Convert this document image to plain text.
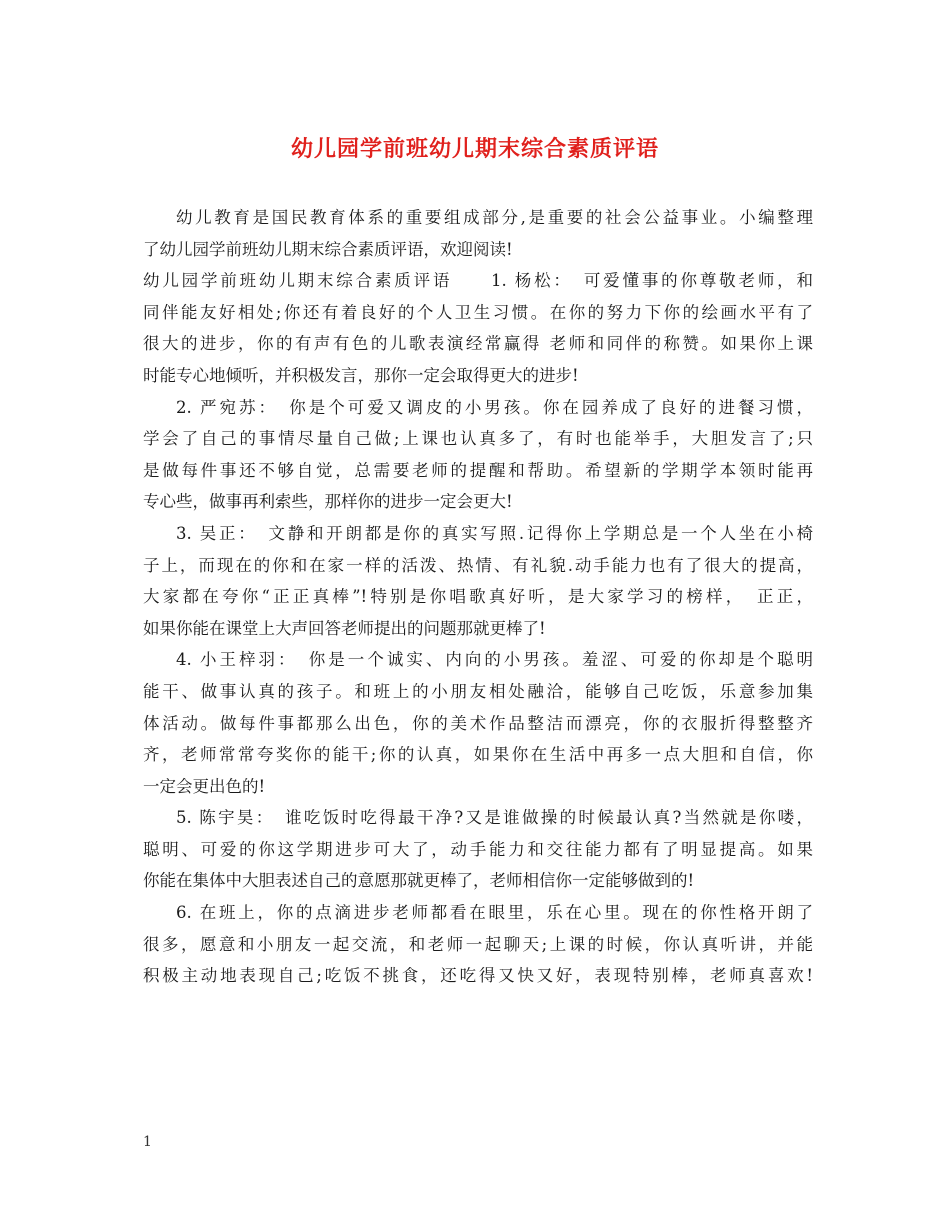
幼儿园学前班幼儿期末综合素质评语
幼儿教育是国民教育体系的重要组成部分,是重要的社会公益事业。小编整理
了幼儿园学前班幼儿期末综合素质评语，欢迎阅读!
幼儿园学前班幼儿期末综合素质评语　　1. 杨松：　可爱懂事的你尊敬老师，和
同伴能友好相处;你还有着良好的个人卫生习惯。在你的努力下你的绘画水平有了
很大的进步，你的有声有色的儿歌表演经常赢得 老师和同伴的称赞。如果你上课
时能专心地倾听，并积极发言，那你一定会取得更大的进步!
2. 严宛苏：　你是个可爱又调皮的小男孩。你在园养成了良好的进餐习惯，
学会了自己的事情尽量自己做;上课也认真多了，有时也能举手，大胆发言了;只
是做每件事还不够自觉，总需要老师的提醒和帮助。希望新的学期学本领时能再
专心些，做事再利索些，那样你的进步一定会更大!
3. 吴正：　文静和开朗都是你的真实写照.记得你上学期总是一个人坐在小椅
子上，而现在的你和在家一样的活泼、热情、有礼貌.动手能力也有了很大的提高，
大家都在夸你“正正真棒”!特别是你唱歌真好听，是大家学习的榜样，　正正，
如果你能在课堂上大声回答老师提出的问题那就更棒了!
4. 小王梓羽：　你是一个诚实、内向的小男孩。羞涩、可爱的你却是个聪明
能干、做事认真的孩子。和班上的小朋友相处融洽，能够自己吃饭，乐意参加集
体活动。做每件事都那么出色，你的美术作品整洁而漂亮，你的衣服折得整整齐
齐，老师常常夸奖你的能干;你的认真，如果你在生活中再多一点大胆和自信，你
一定会更出色的!
5. 陈宇昊：　谁吃饭时吃得最干净?又是谁做操的时候最认真?当然就是你喽，
聪明、可爱的你这学期进步可大了，动手能力和交往能力都有了明显提高。如果
你能在集体中大胆表述自己的意愿那就更棒了，老师相信你一定能够做到的!
6. 在班上，你的点滴进步老师都看在眼里，乐在心里。现在的你性格开朗了
很多，愿意和小朋友一起交流，和老师一起聊天;上课的时候，你认真听讲，并能
积极主动地表现自己;吃饭不挑食，还吃得又快又好，表现特别棒，老师真喜欢!
1
